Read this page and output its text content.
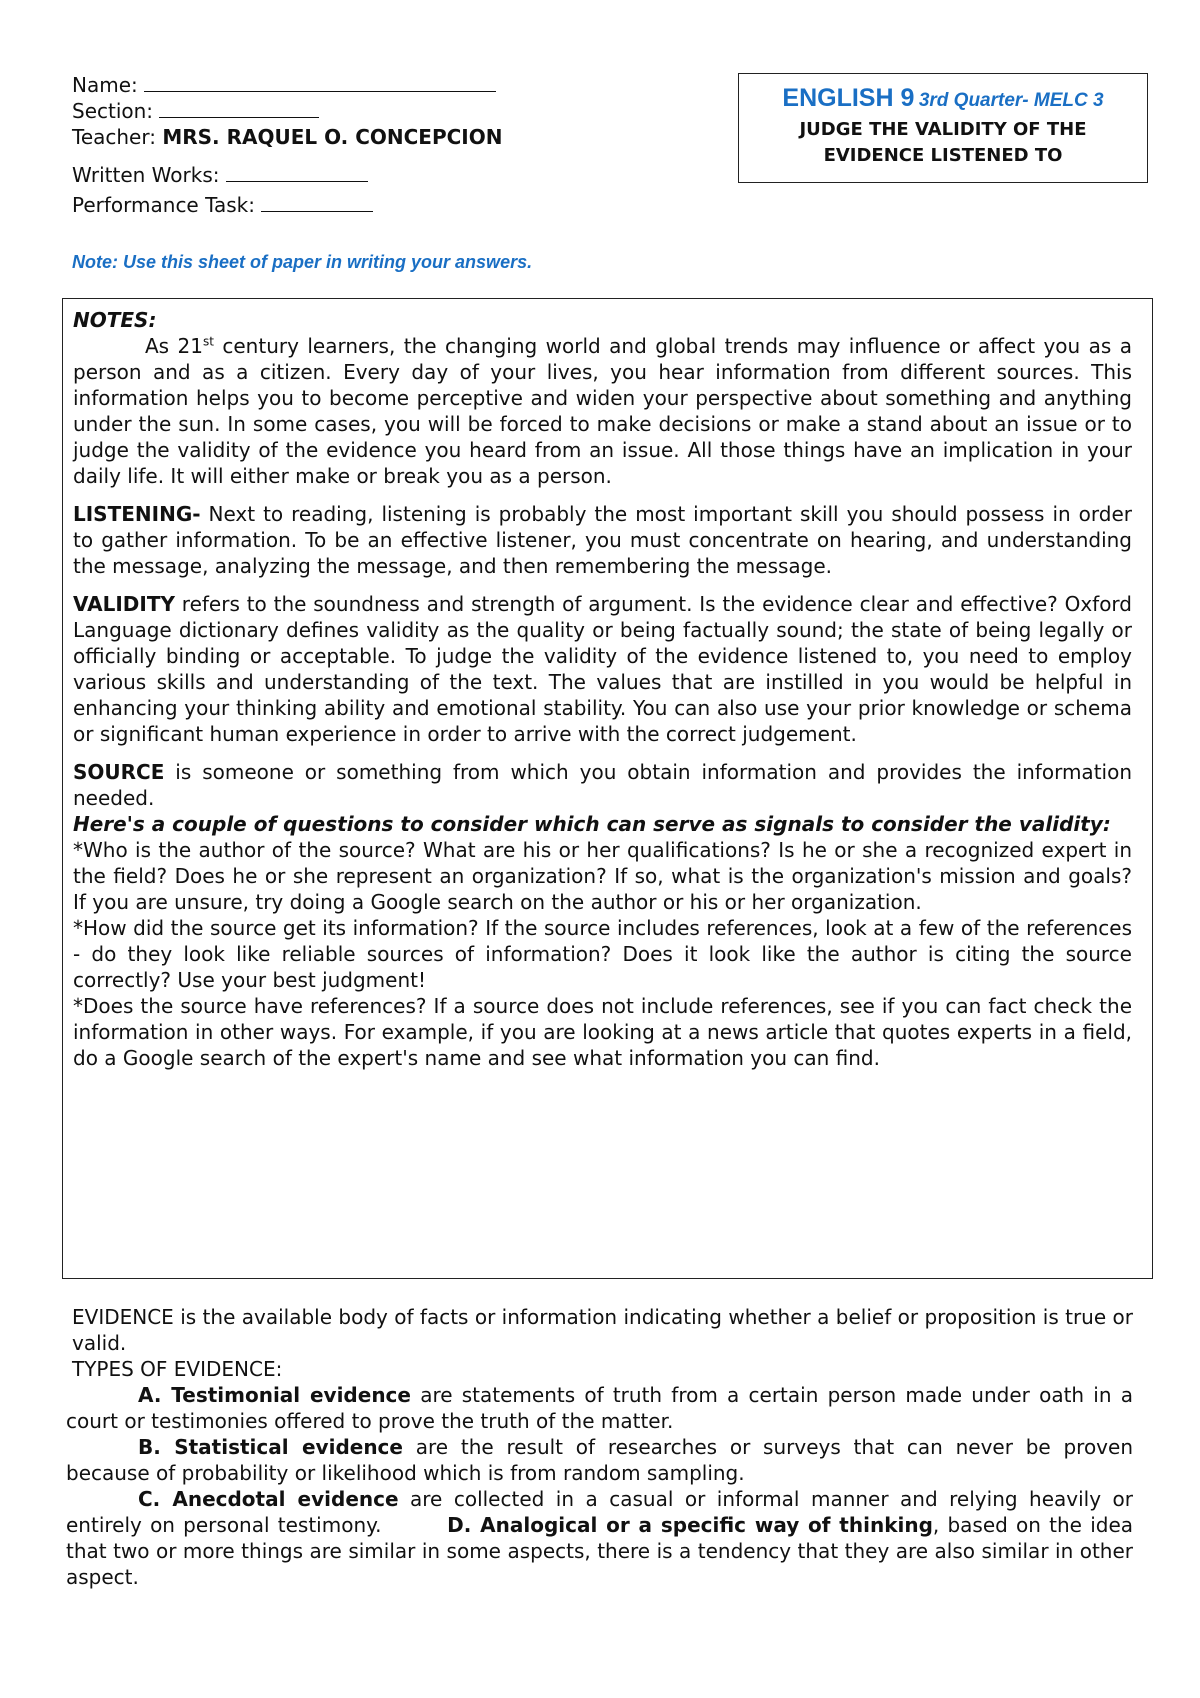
Name:
Section:
Teacher: MRS. RAQUEL O. CONCEPCION
Written Works:
Performance Task:
ENGLISH 9 3rd Quarter- MELC 3
JUDGE THE VALIDITY OF THE
EVIDENCE LISTENED TO
Note: Use this sheet of paper in writing your answers.

NOTES:

As 21st century learners, the changing world and global trends may influence or affect you as a person and as a citizen. Every day of your lives, you hear information from different sources. This information helps you to become perceptive and widen your perspective about something and anything under the sun. In some cases, you will be forced to make decisions or make a stand about an issue or to judge the validity of the evidence you heard from an issue. All those things have an implication in your daily life. It will either make or break you as a person.

LISTENING- Next to reading, listening is probably the most important skill you should possess in order to gather information. To be an effective listener, you must concentrate on hearing, and understanding the message, analyzing the message, and then remembering the message.

VALIDITY refers to the soundness and strength of argument. Is the evidence clear and effective? Oxford Language dictionary defines validity as the quality or being factually sound; the state of being legally or officially binding or acceptable. To judge the validity of the evidence listened to, you need to employ various skills and understanding of the text. The values that are instilled in you would be helpful in enhancing your thinking ability and emotional stability. You can also use your prior knowledge or schema or significant human experience in order to arrive with the correct judgement.

SOURCE is someone or something from which you obtain information and provides the information needed.

Here's a couple of questions to consider which can serve as signals to consider the validity:

*Who is the author of the source? What are his or her qualifications? Is he or she a recognized expert in the field? Does he or she represent an organization? If so, what is the organization's mission and goals? If you are unsure, try doing a Google search on the author or his or her organization.

*How did the source get its information? If the source includes references, look at a few of the references - do they look like reliable sources of information? Does it look like the author is citing the source correctly? Use your best judgment!

*Does the source have references? If a source does not include references, see if you can fact check the information in other ways. For example, if you are looking at a news article that quotes experts in a field, do a Google search of the expert's name and see what information you can find.

EVIDENCE is the available body of facts or information indicating whether a belief or proposition is true or valid.

TYPES OF EVIDENCE:

A. Testimonial evidence are statements of truth from a certain person made under oath in a court or testimonies offered to prove the truth of the matter.

B. Statistical evidence are the result of researches or surveys that can never be proven because of probability or likelihood which is from random sampling.

C. Anecdotal evidence are collected in a casual or informal manner and relying heavily or entirely on personal testimony.	D. Analogical or a specific way of thinking, based on the idea that two or more things are similar in some aspects, there is a tendency that they are also similar in other aspect.
